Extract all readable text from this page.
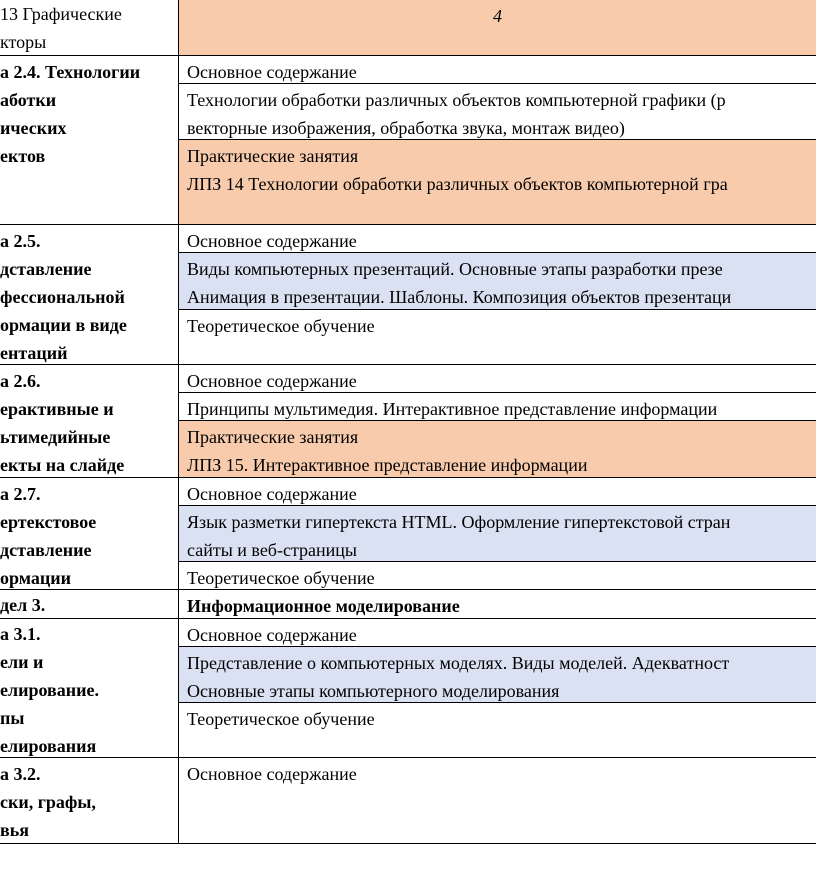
13 Графические
кторы
4
а 2.4. Технологии
аботки
ических
ектов
Основное содержание
Технологии обработки различных объектов компьютерной графики (р
векторные изображения, обработка звука, монтаж видео)
Практические занятия
ЛПЗ 14 Технологии обработки различных объектов компьютерной гра
а 2.5.
дставление
фессиональной
ормации в виде
ентаций
Основное содержание
Виды компьютерных презентаций. Основные этапы разработки презе
Анимация в презентации. Шаблоны. Композиция объектов презентаци
Теоретическое обучение
а 2.6.
ерактивные и
ьтимедийные
екты на слайде
Основное содержание
Принципы мультимедия. Интерактивное представление информации
Практические занятия
ЛПЗ 15. Интерактивное представление информации
а 2.7.
ертекстовое
дставление
ормации
Основное содержание
Язык разметки гипертекста HTML. Оформление гипертекстовой стран
сайты и веб-страницы
Теоретическое обучение
дел 3.	Информационное моделирование
а 3.1.
ели и
елирование.
пы
елирования
Основное содержание
Представление о компьютерных моделях. Виды моделей. Адекватност
Основные этапы компьютерного моделирования
Теоретическое обучение
а 3.2.
ски, графы,
вья
Основное содержание
